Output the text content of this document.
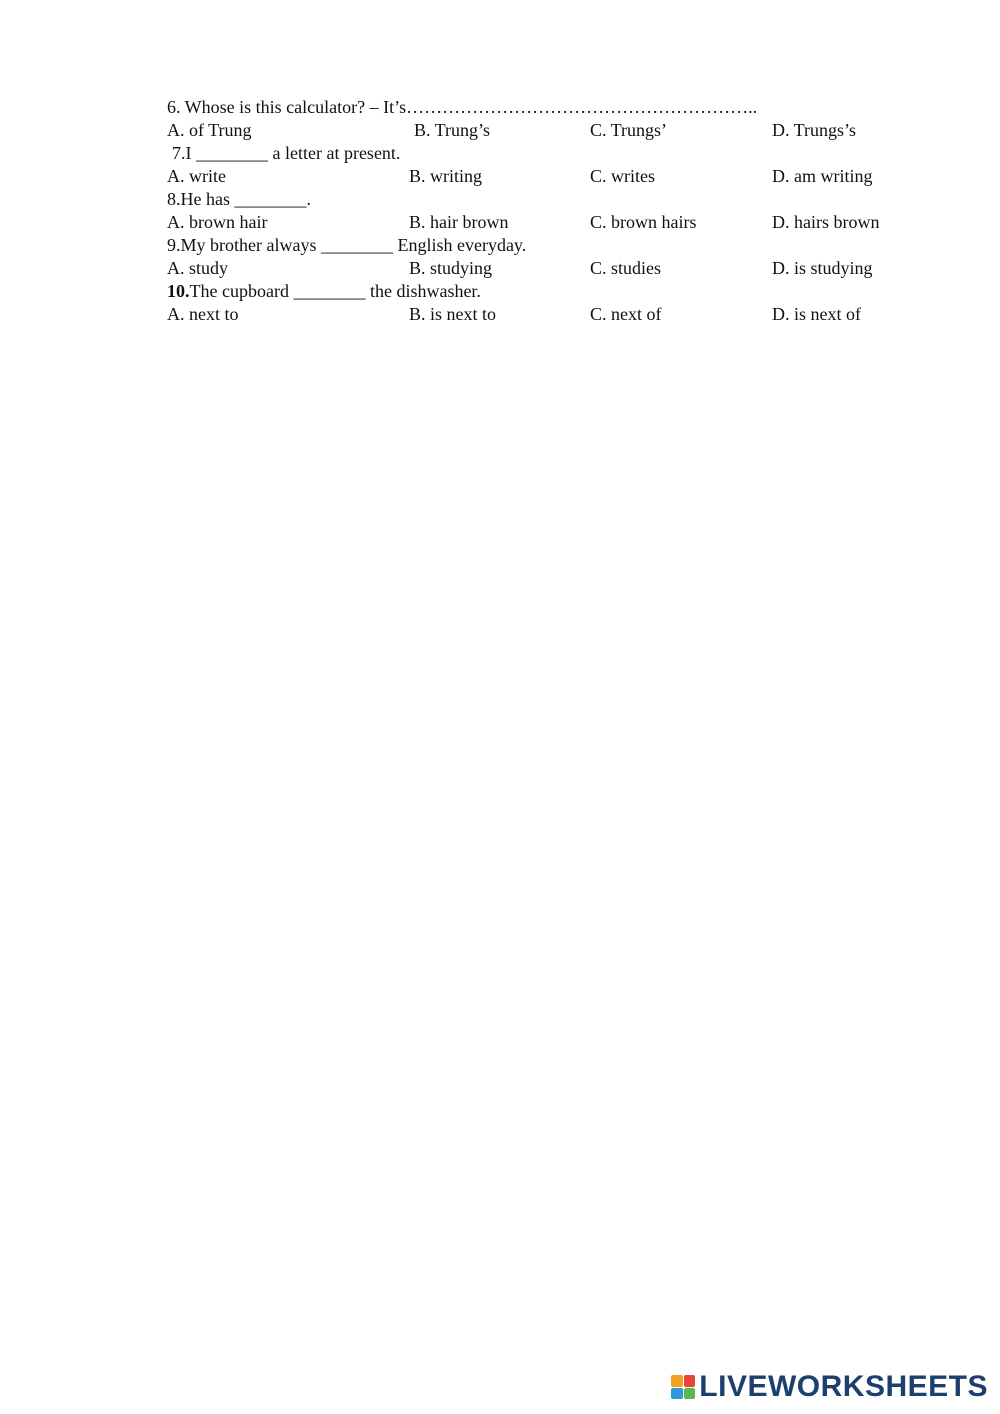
6. Whose is this calculator? – It’s…………………………………………………..
A. of Trung	B. Trung’s	C. Trungs’	D. Trungs’s
7.I ________ a letter at present.
A. write	B. writing	C. writes	D. am writing
8.He has ________.
A. brown hair	B. hair brown	C. brown hairs	D. hairs brown
9.My brother always ________ English everyday.
A. study	B. studying	C. studies	D. is studying
10.The cupboard ________ the dishwasher.
A. next to	B. is next to	C. next of	D. is next of
LIVEWORKSHEETS
